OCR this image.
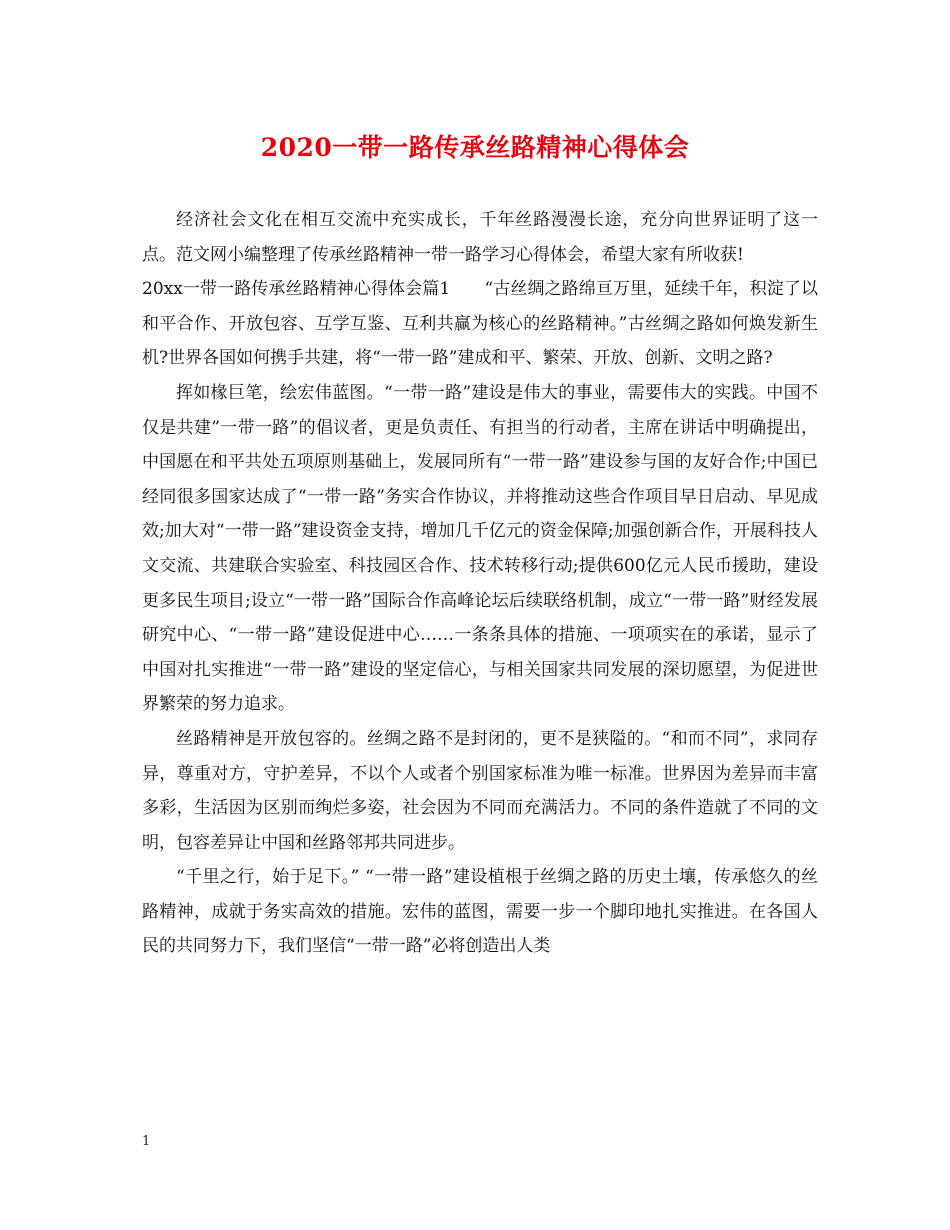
2020一带一路传承丝路精神心得体会

经济社会文化在相互交流中充实成长，千年丝路漫漫长途，充分向世界证明了这一点。范文网小编整理了传承丝路精神一带一路学习心得体会，希望大家有所收获!

20xx一带一路传承丝路精神心得体会篇1　　“古丝绸之路绵亘万里，延续千年，积淀了以和平合作、开放包容、互学互鉴、互利共赢为核心的丝路精神。”古丝绸之路如何焕发新生机?世界各国如何携手共建，将“一带一路”建成和平、繁荣、开放、创新、文明之路?

挥如椽巨笔，绘宏伟蓝图。“一带一路”建设是伟大的事业，需要伟大的实践。中国不仅是共建”一带一路”的倡议者，更是负责任、有担当的行动者，主席在讲话中明确提出，中国愿在和平共处五项原则基础上，发展同所有“一带一路”建设参与国的友好合作;中国已经同很多国家达成了“一带一路”务实合作协议，并将推动这些合作项目早日启动、早见成效;加大对“一带一路”建设资金支持，增加几千亿元的资金保障;加强创新合作，开展科技人文交流、共建联合实验室、科技园区合作、技术转移行动;提供600亿元人民币援助，建设更多民生项目;设立“一带一路”国际合作高峰论坛后续联络机制，成立“一带一路”财经发展研究中心、“一带一路”建设促进中心……一条条具体的措施、一项项实在的承诺，显示了中国对扎实推进“一带一路”建设的坚定信心，与相关国家共同发展的深切愿望，为促进世界繁荣的努力追求。

丝路精神是开放包容的。丝绸之路不是封闭的，更不是狭隘的。“和而不同”，求同存异，尊重对方，守护差异，不以个人或者个别国家标准为唯一标准。世界因为差异而丰富多彩，生活因为区别而绚烂多姿，社会因为不同而充满活力。不同的条件造就了不同的文明，包容差异让中国和丝路邻邦共同进步。

“千里之行，始于足下。” “一带一路”建设植根于丝绸之路的历史土壤，传承悠久的丝路精神，成就于务实高效的措施。宏伟的蓝图，需要一步一个脚印地扎实推进。在各国人民的共同努力下，我们坚信“一带一路”必将创造出人类

1
